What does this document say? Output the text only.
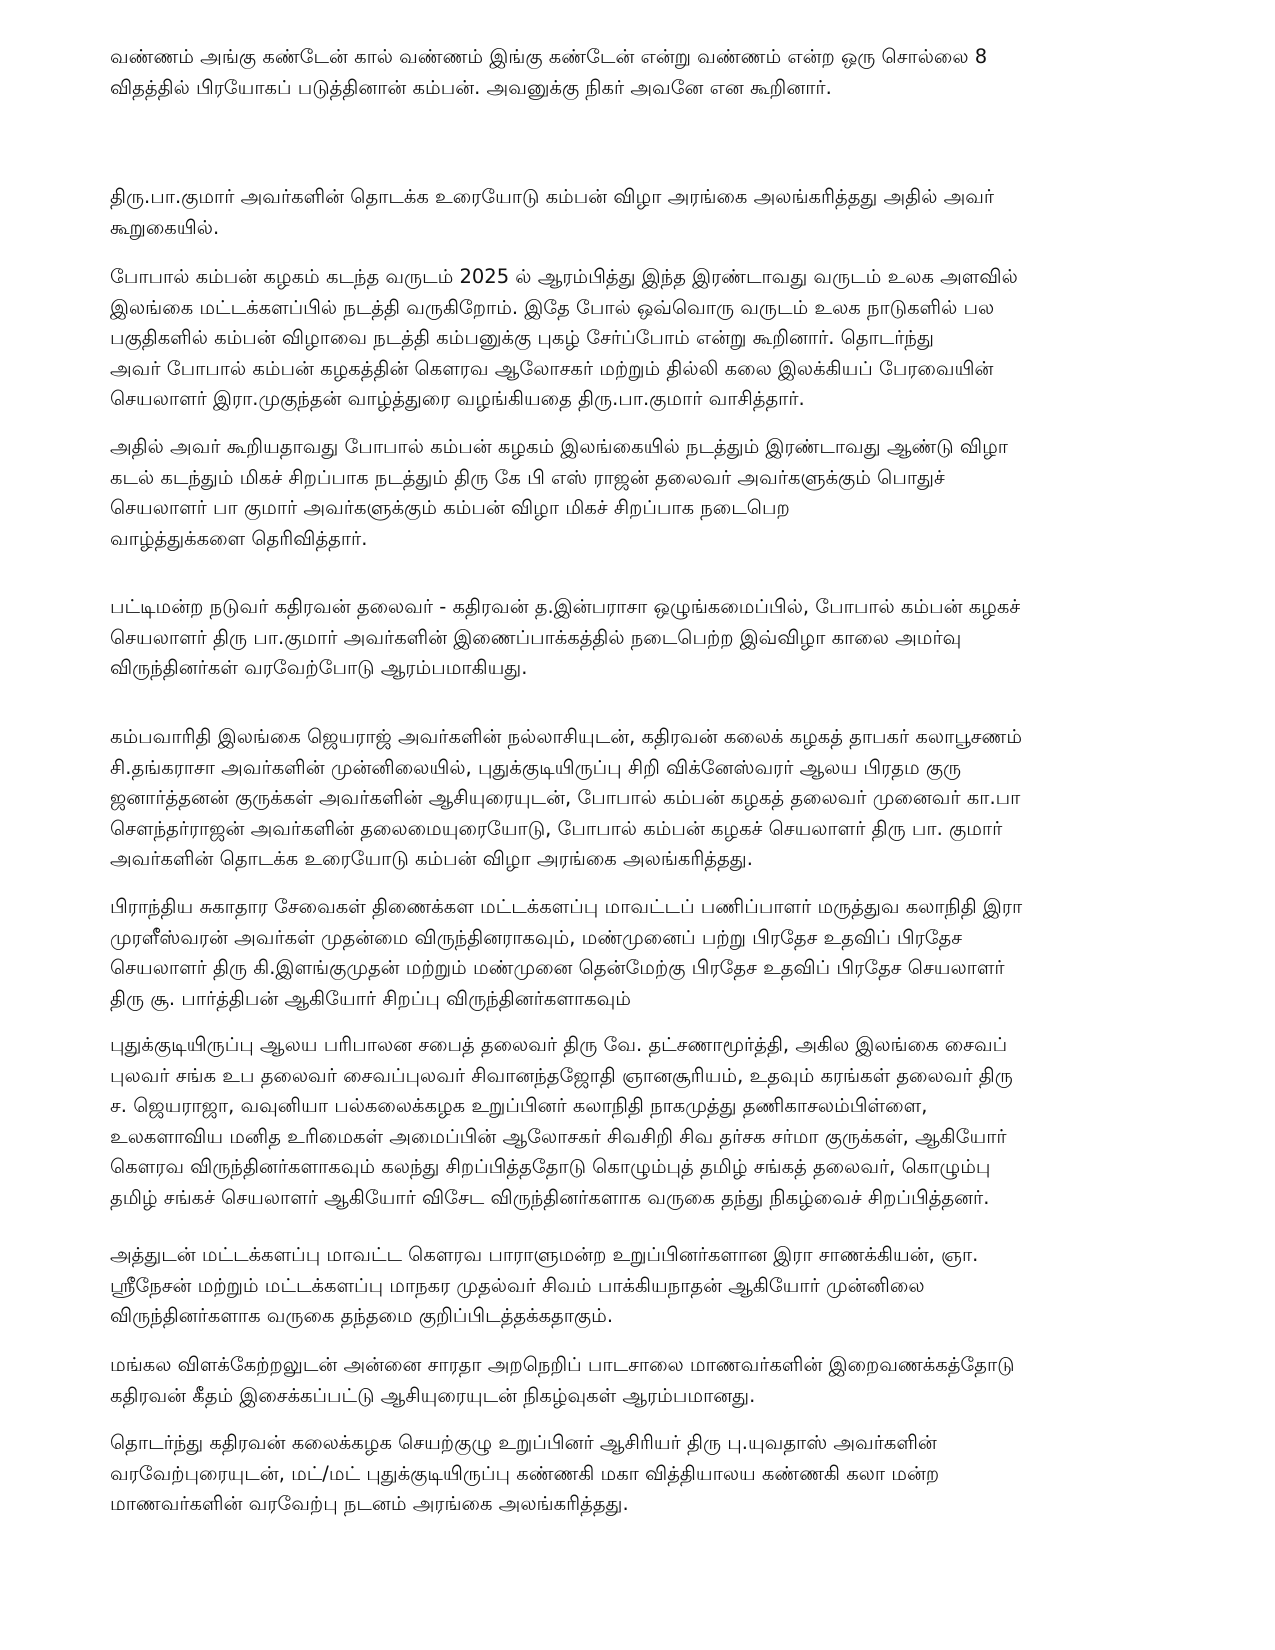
வண்ணம் அங்கு கண்டேன் கால் வண்ணம் இங்கு கண்டேன் என்று வண்ணம் என்ற ஒரு சொல்லை 8
விதத்தில் பிரயோகப் படுத்தினான் கம்பன். அவனுக்கு நிகர் அவனே என கூறினார்.

திரு.பா.குமார் அவர்களின் தொடக்க உரையோடு கம்பன் விழா அரங்கை அலங்கரித்தது அதில் அவர்
கூறுகையில்.

போபால் கம்பன் கழகம் கடந்த வருடம் 2025 ல் ஆரம்பித்து இந்த இரண்டாவது வருடம் உலக அளவில்
இலங்கை மட்டக்களப்பில் நடத்தி வருகிறோம். இதே போல் ஒவ்வொரு வருடம் உலக நாடுகளில் பல
பகுதிகளில் கம்பன் விழாவை நடத்தி கம்பனுக்கு புகழ் சேர்ப்போம் என்று கூறினார். தொடர்ந்து
அவர் போபால் கம்பன் கழகத்தின் கௌரவ ஆலோசகர் மற்றும் தில்லி கலை இலக்கியப் பேரவையின்
செயலாளர் இரா.முகுந்தன் வாழ்த்துரை வழங்கியதை திரு.பா.குமார் வாசித்தார்.

அதில் அவர் கூறியதாவது போபால் கம்பன் கழகம் இலங்கையில் நடத்தும் இரண்டாவது ஆண்டு விழா
கடல் கடந்தும் மிகச் சிறப்பாக நடத்தும் திரு கே பி எஸ் ராஜன் தலைவர் அவர்களுக்கும் பொதுச்
செயலாளர் பா குமார் அவர்களுக்கும் கம்பன் விழா மிகச் சிறப்பாக நடைபெற
வாழ்த்துக்களை தெரிவித்தார்.

பட்டிமன்ற நடுவர் கதிரவன் தலைவர் - கதிரவன் த.இன்பராசா ஒழுங்கமைப்பில், போபால் கம்பன் கழகச்
செயலாளர் திரு பா.குமார் அவர்களின் இணைப்பாக்கத்தில் நடைபெற்ற இவ்விழா காலை அமர்வு
விருந்தினர்கள் வரவேற்போடு ஆரம்பமாகியது.

கம்பவாரிதி இலங்கை ஜெயராஜ் அவர்களின் நல்லாசியுடன், கதிரவன் கலைக் கழகத் தாபகர் கலாபூசணம்
சி.தங்கராசா அவர்களின் முன்னிலையில், புதுக்குடியிருப்பு சிறி விக்னேஸ்வரர் ஆலய பிரதம குரு
ஜனார்த்தனன் குருக்கள் அவர்களின் ஆசியுரையுடன், போபால் கம்பன் கழகத் தலைவர் முனைவர் கா.பா
சௌந்தர்ராஜன் அவர்களின் தலைமையுரையோடு, போபால் கம்பன் கழகச் செயலாளர் திரு பா. குமார்
அவர்களின் தொடக்க உரையோடு கம்பன் விழா அரங்கை அலங்கரித்தது.

பிராந்திய சுகாதார சேவைகள் திணைக்கள மட்டக்களப்பு மாவட்டப் பணிப்பாளர் மருத்துவ கலாநிதி இரா
முரளீஸ்வரன் அவர்கள் முதன்மை விருந்தினராகவும், மண்முனைப் பற்று பிரதேச உதவிப் பிரதேச
செயலாளர் திரு கி.இளங்குமுதன் மற்றும் மண்முனை தென்மேற்கு பிரதேச உதவிப் பிரதேச செயலாளர்
திரு சூ. பார்த்திபன் ஆகியோர் சிறப்பு விருந்தினர்களாகவும்

புதுக்குடியிருப்பு ஆலய பரிபாலன சபைத் தலைவர் திரு வே. தட்சணாமூர்த்தி, அகில இலங்கை சைவப்
புலவர் சங்க உப தலைவர் சைவப்புலவர் சிவானந்தஜோதி ஞானசூரியம், உதவும் கரங்கள் தலைவர் திரு
ச. ஜெயராஜா, வவுனியா பல்கலைக்கழக உறுப்பினர் கலாநிதி நாகமுத்து தணிகாசலம்பிள்ளை,
உலகளாவிய மனித உரிமைகள் அமைப்பின் ஆலோசகர் சிவசிறி சிவ தர்சக சர்மா குருக்கள், ஆகியோர்
கௌரவ விருந்தினர்களாகவும் கலந்து சிறப்பித்ததோடு கொழும்புத் தமிழ் சங்கத் தலைவர், கொழும்பு
தமிழ் சங்கச் செயலாளர் ஆகியோர் விசேட விருந்தினர்களாக வருகை தந்து நிகழ்வைச் சிறப்பித்தனர்.

அத்துடன் மட்டக்களப்பு மாவட்ட கௌரவ பாராளுமன்ற உறுப்பினர்களான இரா சாணக்கியன், ஞா.
ஸ்ரீநேசன் மற்றும் மட்டக்களப்பு மாநகர முதல்வர் சிவம் பாக்கியநாதன் ஆகியோர் முன்னிலை
விருந்தினர்களாக வருகை தந்தமை குறிப்பிடத்தக்கதாகும்.

மங்கல விளக்கேற்றலுடன் அன்னை சாரதா அறநெறிப் பாடசாலை மாணவர்களின் இறைவணக்கத்தோடு
கதிரவன் கீதம் இசைக்கப்பட்டு ஆசியுரையுடன் நிகழ்வுகள் ஆரம்பமானது.

தொடர்ந்து கதிரவன் கலைக்கழக செயற்குழு உறுப்பினர் ஆசிரியர் திரு பு.யுவதாஸ் அவர்களின்
வரவேற்புரையுடன், மட்/மட் புதுக்குடியிருப்பு கண்ணகி மகா வித்தியாலய கண்ணகி கலா மன்ற
மாணவர்களின் வரவேற்பு நடனம் அரங்கை அலங்கரித்தது.
